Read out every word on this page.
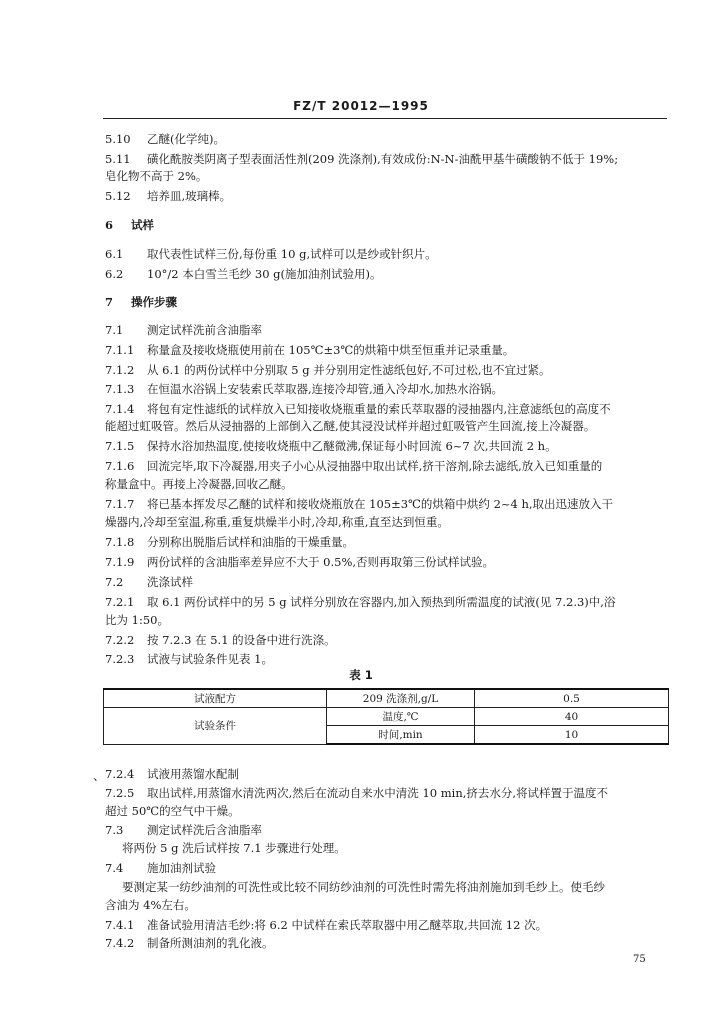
FZ/T 20012—1995
5.10 乙醚(化学纯)。
5.11 磺化酰胺类阴离子型表面活性剂(209 洗涤剂),有效成份:N-N-油酰甲基牛磺酸钠不低于 19%;
皂化物不高于 2%。
5.12 培养皿,玻璃棒。
6 试样
6.1 取代表性试样三份,每份重 10 g,试样可以是纱或针织片。
6.2 10°/2 本白雪兰毛纱 30 g(施加油剂试验用)。
7 操作步骤
7.1 测定试样洗前含油脂率
7.1.1 称量盒及接收烧瓶使用前在 105℃±3℃的烘箱中烘至恒重并记录重量。
7.1.2 从 6.1 的两份试样中分别取 5 g 并分别用定性滤纸包好,不可过松,也不宜过紧。
7.1.3 在恒温水浴锅上安装索氏萃取器,连接冷却管,通入冷却水,加热水浴锅。
7.1.4 将包有定性滤纸的试样放入已知接收烧瓶重量的索氏萃取器的浸抽器内,注意滤纸包的高度不
能超过虹吸管。然后从浸抽器的上部倒入乙醚,使其浸没试样并超过虹吸管产生回流,接上冷凝器。
7.1.5 保持水浴加热温度,使接收烧瓶中乙醚微沸,保证每小时回流 6~7 次,共回流 2 h。
7.1.6 回流完毕,取下冷凝器,用夹子小心从浸抽器中取出试样,挤干溶剂,除去滤纸,放入已知重量的
称量盒中。再接上冷凝器,回收乙醚。
7.1.7 将已基本挥发尽乙醚的试样和接收烧瓶放在 105±3℃的烘箱中烘约 2~4 h,取出迅速放入干
燥器内,冷却至室温,称重,重复烘燥半小时,冷却,称重,直至达到恒重。
7.1.8 分别称出脱脂后试样和油脂的干燥重量。
7.1.9 两份试样的含油脂率差异应不大于 0.5%,否则再取第三份试样试验。
7.2 洗涤试样
7.2.1 取 6.1 两份试样中的另 5 g 试样分别放在容器内,加入预热到所需温度的试液(见 7.2.3)中,浴
比为 1:50。
7.2.2 按 7.2.3 在 5.1 的设备中进行洗涤。
7.2.3 试液与试验条件见表 1。
表 1
试液配方	209 洗涤剂,g/L	0.5
试验条件	温度,℃	40
	时间,min	10
、 7.2.4 试液用蒸馏水配制
7.2.5 取出试样,用蒸馏水清洗两次,然后在流动自来水中清洗 10 min,挤去水分,将试样置于温度不
超过 50℃的空气中干燥。
7.3 测定试样洗后含油脂率
将两份 5 g 洗后试样按 7.1 步骤进行处理。
7.4 施加油剂试验
要测定某一纺纱油剂的可洗性或比较不同纺纱油剂的可洗性时需先将油剂施加到毛纱上。使毛纱
含油为 4%左右。
7.4.1 准备试验用清洁毛纱:将 6.2 中试样在索氏萃取器中用乙醚萃取,共回流 12 次。
7.4.2 制备所测油剂的乳化液。
75
